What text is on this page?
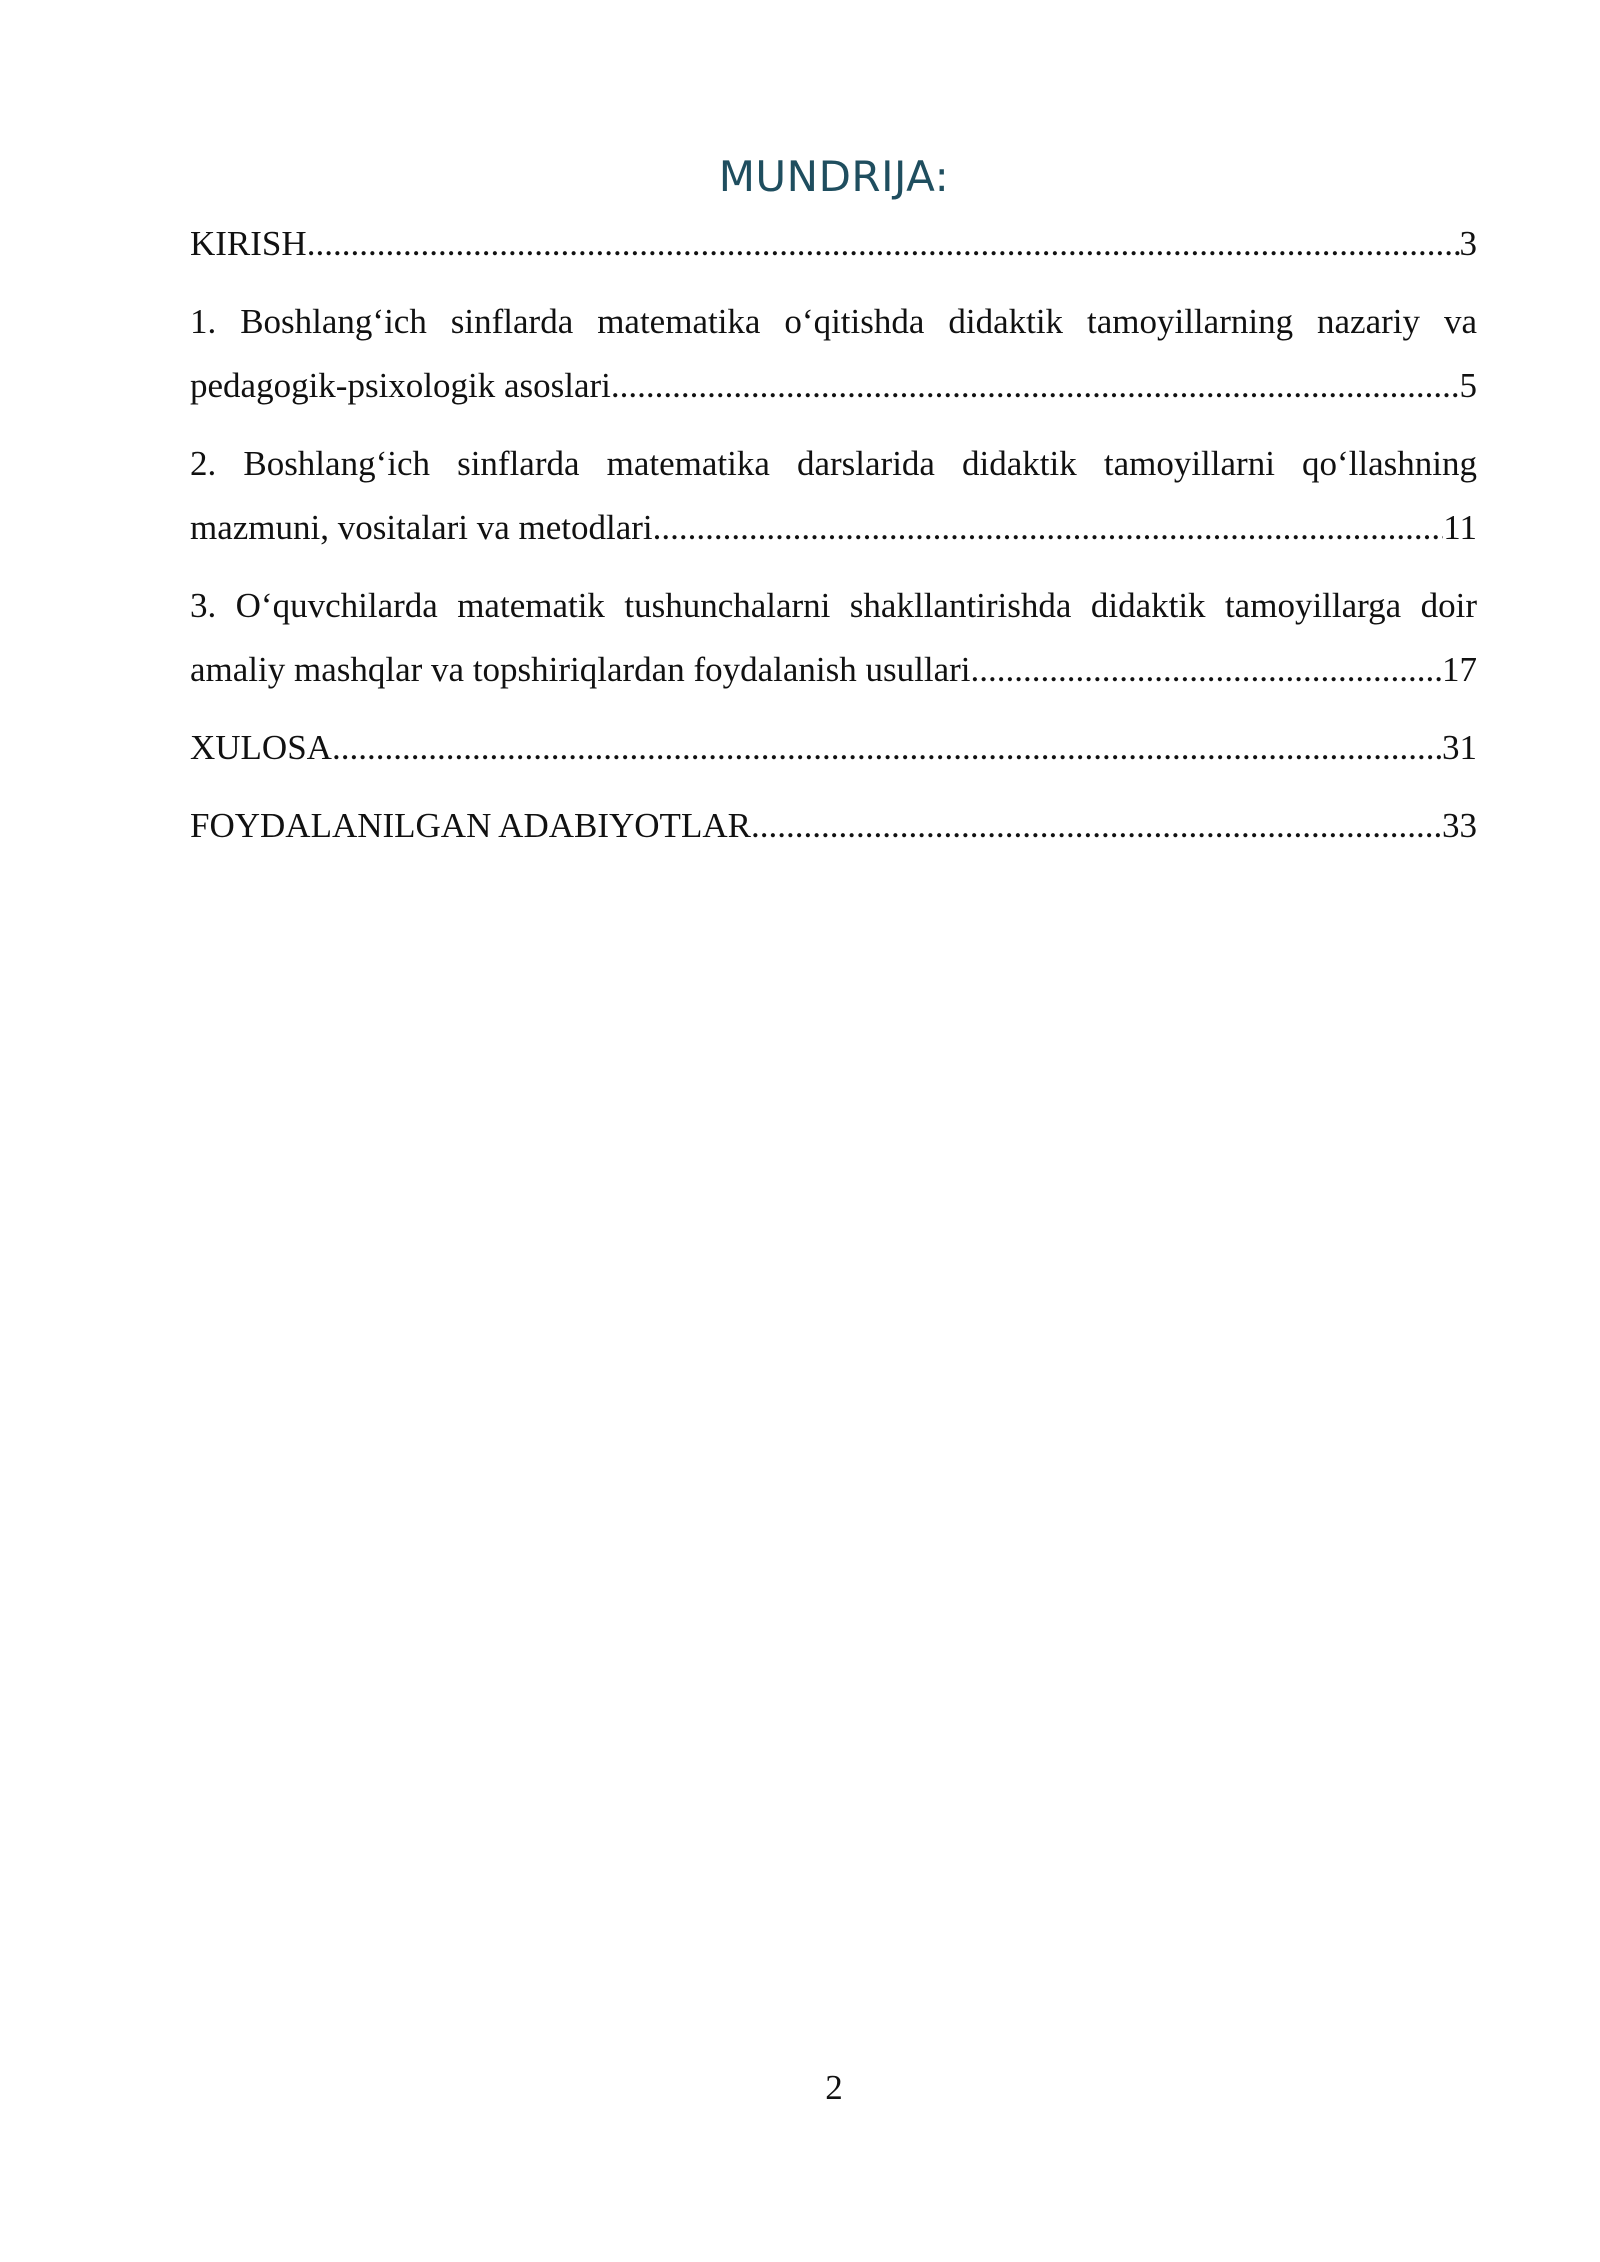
MUNDRIJA:
KIRISH .....	3
1. Boshlang‘ich sinflarda matematika o‘qitishda didaktik tamoyillarning nazariy va
pedagogik-psixologik asoslari .....	5
2. Boshlang‘ich sinflarda matematika darslarida didaktik tamoyillarni qo‘llashning
mazmuni, vositalari va metodlari .....	11
3. O‘quvchilarda matematik tushunchalarni shakllantirishda didaktik tamoyillarga doir
amaliy mashqlar va topshiriqlardan foydalanish usullari .....	17
XULOSA .....	31
FOYDALANILGAN ADABIYOTLAR .....	33
2
